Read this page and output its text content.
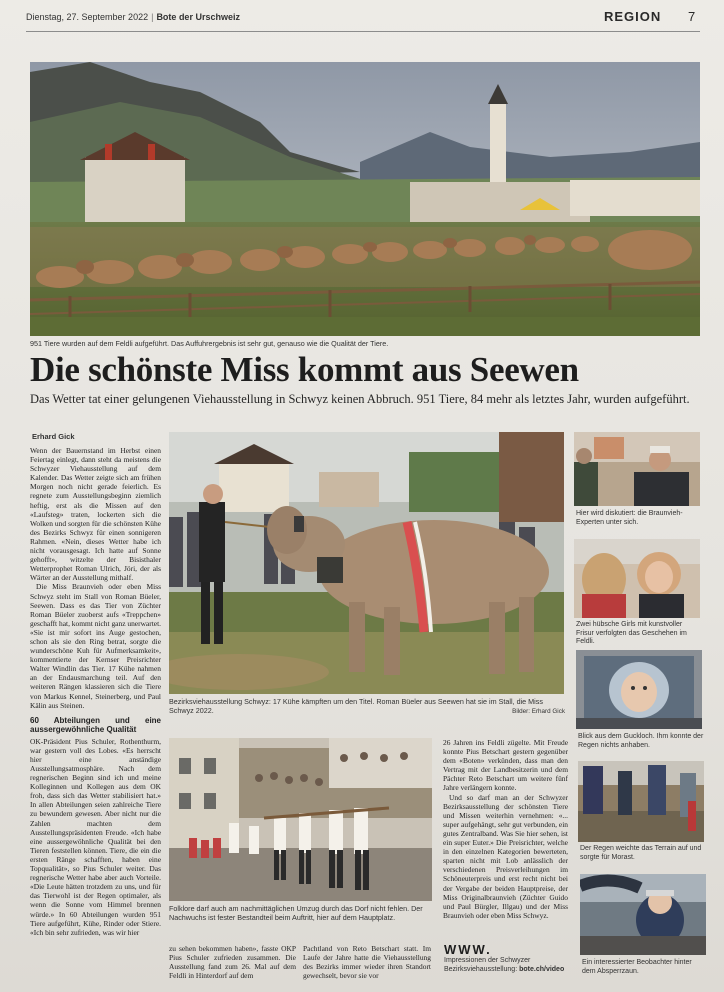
Dienstag, 27. September 2022 | Bote der Urschweiz	REGION 7
951 Tiere wurden auf dem Feldli aufgeführt. Das Auffuhrergebnis ist sehr gut, genauso wie die Qualität der Tiere.
Die schönste Miss kommt aus Seewen
Das Wetter tat einer gelungenen Viehausstellung in Schwyz keinen Abbruch. 951 Tiere, 84 mehr als letztes Jahr, wurden aufgeführt.
Erhard Gick

Wenn der Bauernstand im Herbst einen Feiertag einlegt, dann steht da meistens die Schwyzer Viehausstellung auf dem Kalender. Das Wetter zeigte sich am frühen Morgen noch nicht gerade feierlich. Es regnete zum Ausstellungsbeginn ziemlich heftig, erst als die Missen auf den «Laufsteg» traten, lockerten sich die Wolken und sorgten für die schönsten Kühe des Bezirks Schwyz für einen sonnigeren Rahmen. «Nein, dieses Wetter habe ich nicht vorausgesagt. Ich hatte auf Sonne gehofft», witzelte der Bisisthaler Wetterprophet Roman Ulrich, Jöri, der als Wärter an der Ausstellung mithalf.

Die Miss Braunvieh oder eben Miss Schwyz steht im Stall von Roman Büeler, Seewen. Dass es das Tier von Züchter Roman Büeler zuoberst aufs «Treppchen» geschafft hat, kommt nicht ganz unerwartet. «Sie ist mir sofort ins Auge gestochen, schon als sie den Ring betrat, sorgte die wunderschöne Kuh für Aufmerksamkeit», kommentierte der Kernser Preisrichter Walter Windlin das Tier. 17 Kühe nahmen an der Endausmarchung teil. Auf den weiteren Rängen klassieren sich die Tiere von Markus Kennel, Steinerberg, und Paul Kälin aus Steinen.

60 Abteilungen und eine aussergewöhnliche Qualität

OK-Präsident Pius Schuler, Rothenthurm, war gestern voll des Lobes. «Es herrscht hier eine anständige Ausstellungsatmosphäre. Nach dem regnerischen Beginn sind ich und meine Kolleginnen und Kollegen aus dem OK froh, dass sich das Wetter stabilisiert hat.» In allen Abteilungen seien zahlreiche Tiere zu bewundern gewesen. Aber nicht nur die Zahlen machten dem Ausstellungspräsidenten Freude. «Ich habe eine aussergewöhnliche Qualität bei den Tieren feststellen können. Tiere, die ein die ersten Ränge schafften, haben eine Topqualität», so Pius Schuler weiter. Das regnerische Wetter habe aber auch Vorteile. «Die Leute hätten trotzdem zu uns, und für das Tierwohl ist der Regen optimaler, als wenn die Sonne vom Himmel brennen würde.» In 60 Abteilungen wurden 951 Tiere aufgeführt, Kühe, Rinder oder Stiere. «Ich bin sehr zufrieden, was wir hier

Bezirksviehausstellung Schwyz: 17 Kühe kämpften um den Titel. Roman Büeler aus Seewen hat sie im Stall, die Miss Schwyz 2022.	Bilder: Erhard Gick
Folklore darf auch am nachmittäglichen Umzug durch das Dorf nicht fehlen. Der Nachwuchs ist fester Bestandteil beim Auftritt, hier auf dem Hauptplatz.

zu sehen bekommen haben», fasste OKP Pius Schuler zufrieden zusammen. Die Ausstellung fand zum 26. Mal auf dem Feldli in Hinterdorf auf dem

Pachtland von Reto Betschart statt. Im Laufe der Jahre hatte die Viehausstellung des Bezirks immer wieder ihren Standort gewechselt, bevor sie vor

26 Jahren ins Feldli zügelte. Mit Freude konnte Pius Betschart gestern gegenüber dem «Boten» verkünden, dass man den Vertrag mit der Landbesitzerin und dem Pächter Reto Betschart um weitere fünf Jahre verlängern konnte.

Und so darf man an der Schwyzer Bezirksausstellung der schönsten Tiere und Missen weiterhin vernehmen: «... super aufgehängt, sehr gut verbunden, ein gutes Zentralband. Was Sie hier sehen, ist ein super Euter.» Die Preisrichter, welche in den einzelnen Kategorien bewerteten, sparten nicht mit Lob anlässlich der verschiedenen Preisverleihungen im Schöneuterpreis und erst recht nicht bei der Vergabe der beiden Hauptpreise, der Miss Originalbraunvieh (Züchter Guido und Paul Bürgler, Illgau) und der Miss Braunvieh oder eben Miss Schwyz.

WWW.
Impressionen der Schwyzer Bezirksviehausstellung: bote.ch/video
Hier wird diskutiert: die Braunvieh-Experten unter sich.
Zwei hübsche Girls mit kunstvoller Frisur verfolgten das Geschehen im Feldli.
Blick aus dem Guckloch. Ihm konnte der Regen nichts anhaben.
Der Regen weichte das Terrain auf und sorgte für Morast.
Ein interessierter Beobachter hinter dem Absperrzaun.
